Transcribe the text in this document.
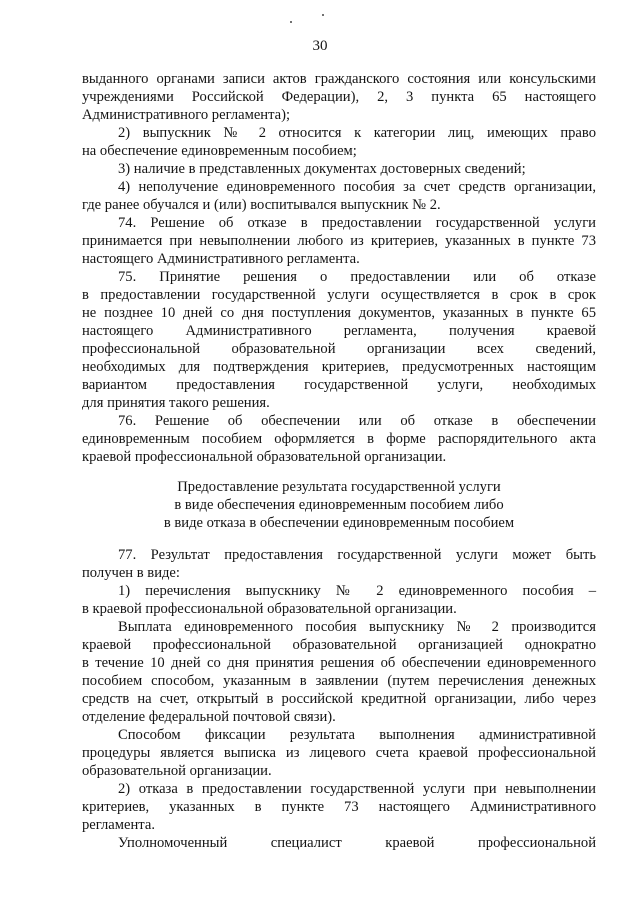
30
выданного органами записи актов гражданского состояния или консульскими
учреждениями Российской Федерации), 2, 3 пункта 65 настоящего
Административного регламента);
2) выпускник № 2 относится к категории лиц, имеющих право
на обеспечение единовременным пособием;
3) наличие в представленных документах достоверных сведений;
4) неполучение единовременного пособия за счет средств организации,
где ранее обучался и (или) воспитывался выпускник № 2.
74. Решение об отказе в предоставлении государственной услуги
принимается при невыполнении любого из критериев, указанных в пункте 73
настоящего Административного регламента.
75. Принятие решения о предоставлении или об отказе
в предоставлении государственной услуги осуществляется в срок в срок
не позднее 10 дней со дня поступления документов, указанных в пункте 65
настоящего Административного регламента, получения краевой
профессиональной образовательной организации всех сведений,
необходимых для подтверждения критериев, предусмотренных настоящим
вариантом предоставления государственной услуги, необходимых
для принятия такого решения.
76. Решение об обеспечении или об отказе в обеспечении
единовременным пособием оформляется в форме распорядительного акта
краевой профессиональной образовательной организации.
Предоставление результата государственной услуги
в виде обеспечения единовременным пособием либо
в виде отказа в обеспечении единовременным пособием
77. Результат предоставления государственной услуги может быть
получен в виде:
1) перечисления выпускнику № 2 единовременного пособия –
в краевой профессиональной образовательной организации.
Выплата единовременного пособия выпускнику № 2 производится
краевой профессиональной образовательной организацией однократно
в течение 10 дней со дня принятия решения об обеспечении единовременного
пособием способом, указанным в заявлении (путем перечисления денежных
средств на счет, открытый в российской кредитной организации, либо через
отделение федеральной почтовой связи).
Способом фиксации результата выполнения административной
процедуры является выписка из лицевого счета краевой профессиональной
образовательной организации.
2) отказа в предоставлении государственной услуги при невыполнении
критериев, указанных в пункте 73 настоящего Административного
регламента.
Уполномоченный специалист краевой профессиональной
